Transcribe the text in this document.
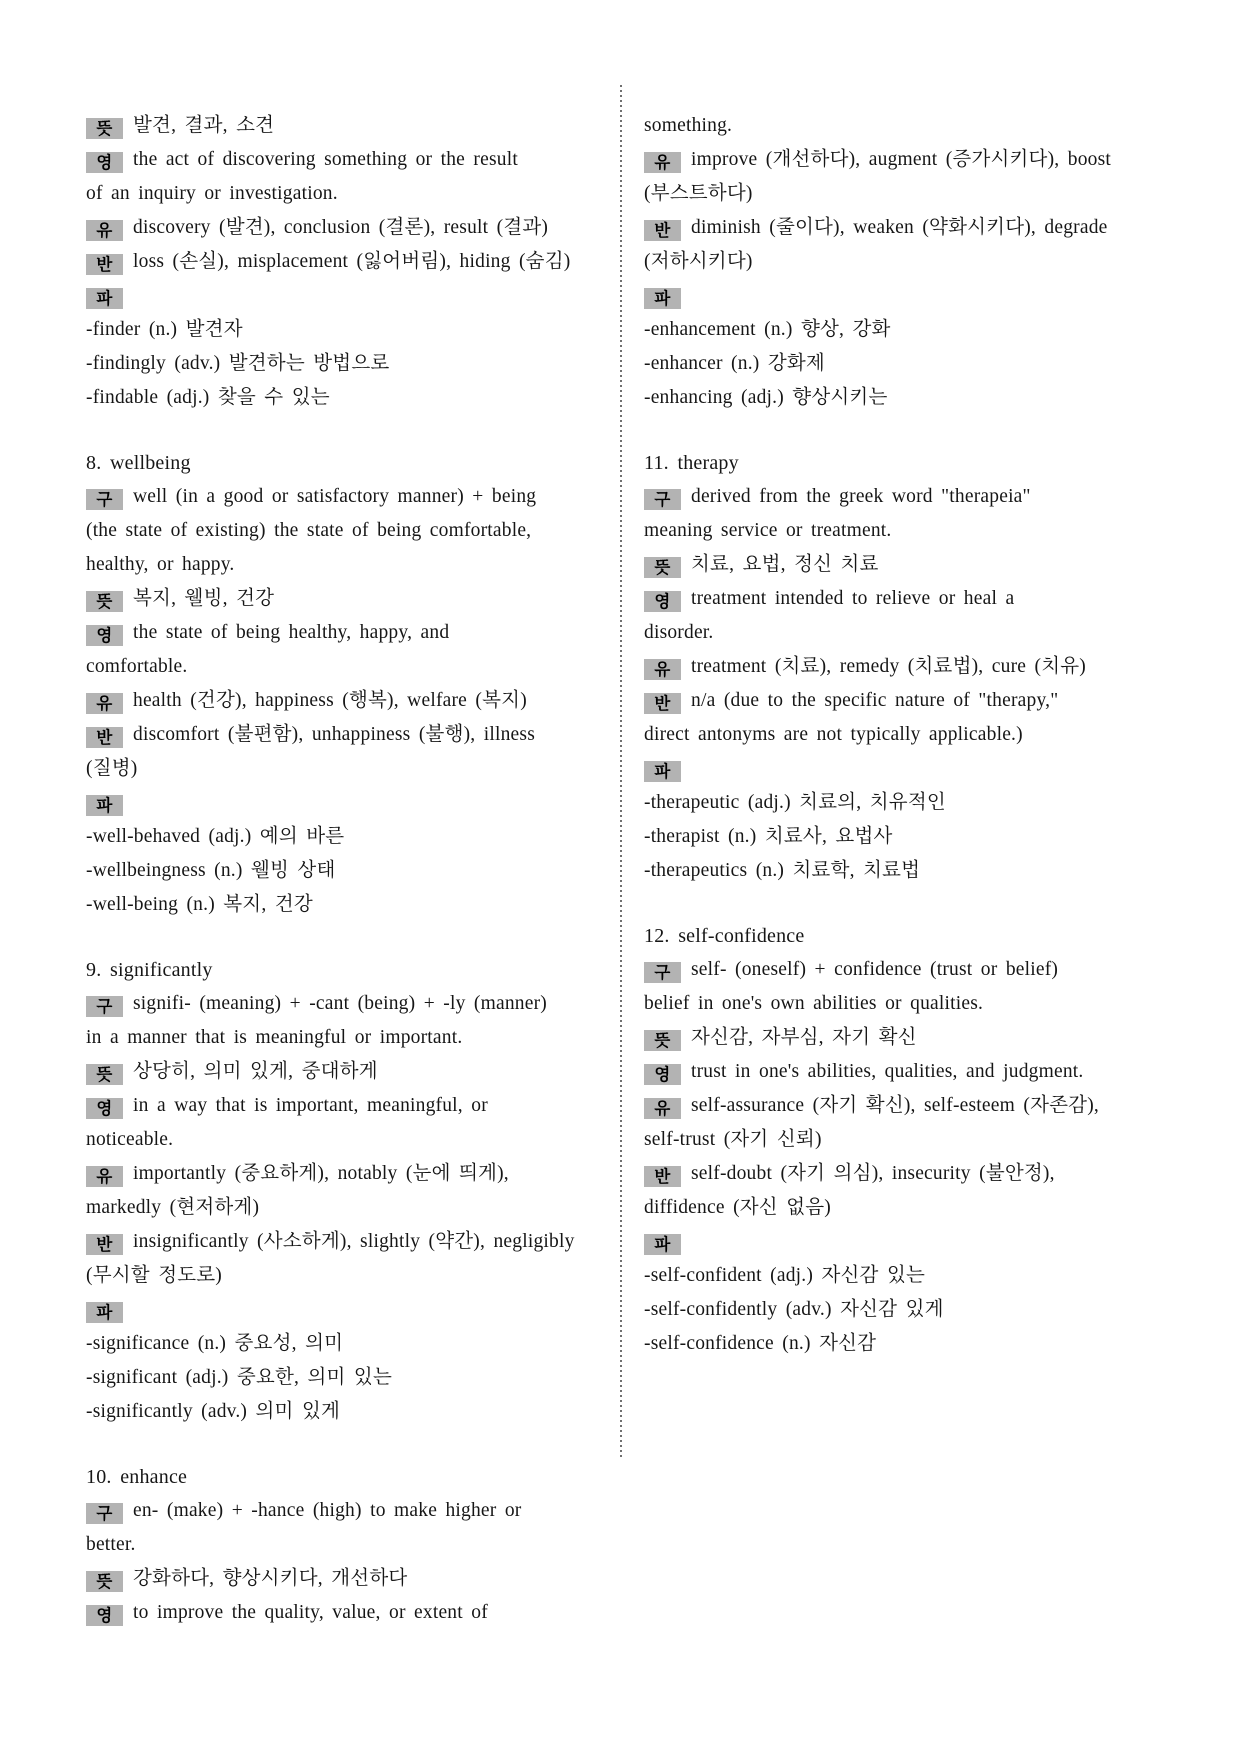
뜻 발견, 결과, 소견
영 the act of discovering something or the result
of an inquiry or investigation.
유 discovery (발견), conclusion (결론), result (결과)
반 loss (손실), misplacement (잃어버림), hiding (숨김)
파
-finder (n.) 발견자
-findingly (adv.) 발견하는 방법으로
-findable (adj.) 찾을 수 있는
8. wellbeing
구 well (in a good or satisfactory manner) + being
(the state of existing) the state of being comfortable,
healthy, or happy.
뜻 복지, 웰빙, 건강
영 the state of being healthy, happy, and
comfortable.
유 health (건강), happiness (행복), welfare (복지)
반 discomfort (불편함), unhappiness (불행), illness
(질병)
파
-well-behaved (adj.) 예의 바른
-wellbeingness (n.) 웰빙 상태
-well-being (n.) 복지, 건강
9. significantly
구 signifi- (meaning) + -cant (being) + -ly (manner)
in a manner that is meaningful or important.
뜻 상당히, 의미 있게, 중대하게
영 in a way that is important, meaningful, or
noticeable.
유 importantly (중요하게), notably (눈에 띄게),
markedly (현저하게)
반 insignificantly (사소하게), slightly (약간), negligibly
(무시할 정도로)
파
-significance (n.) 중요성, 의미
-significant (adj.) 중요한, 의미 있는
-significantly (adv.) 의미 있게
10. enhance
구 en- (make) + -hance (high) to make higher or
better.
뜻 강화하다, 향상시키다, 개선하다
영 to improve the quality, value, or extent of
something.
유 improve (개선하다), augment (증가시키다), boost
(부스트하다)
반 diminish (줄이다), weaken (약화시키다), degrade
(저하시키다)
파
-enhancement (n.) 향상, 강화
-enhancer (n.) 강화제
-enhancing (adj.) 향상시키는
11. therapy
구 derived from the greek word "therapeia"
meaning service or treatment.
뜻 치료, 요법, 정신 치료
영 treatment intended to relieve or heal a
disorder.
유 treatment (치료), remedy (치료법), cure (치유)
반 n/a (due to the specific nature of "therapy,"
direct antonyms are not typically applicable.)
파
-therapeutic (adj.) 치료의, 치유적인
-therapist (n.) 치료사, 요법사
-therapeutics (n.) 치료학, 치료법
12. self-confidence
구 self- (oneself) + confidence (trust or belief)
belief in one's own abilities or qualities.
뜻 자신감, 자부심, 자기 확신
영 trust in one's abilities, qualities, and judgment.
유 self-assurance (자기 확신), self-esteem (자존감),
self-trust (자기 신뢰)
반 self-doubt (자기 의심), insecurity (불안정),
diffidence (자신 없음)
파
-self-confident (adj.) 자신감 있는
-self-confidently (adv.) 자신감 있게
-self-confidence (n.) 자신감
